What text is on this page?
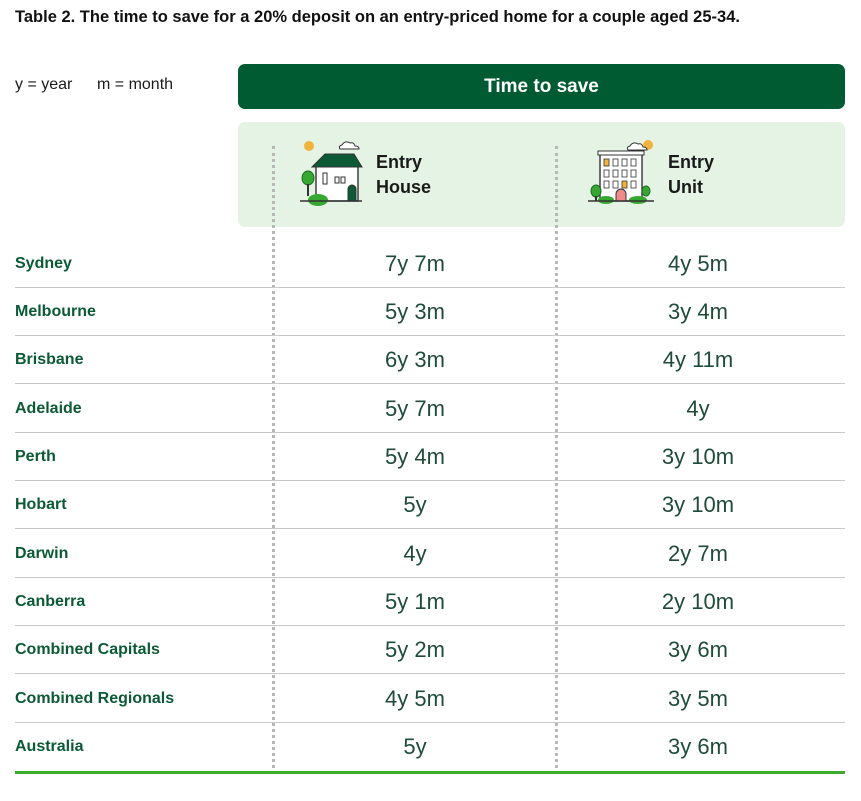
Table 2. The time to save for a 20% deposit on an entry-priced home for a couple aged 25-34.
y = year m = month	Time to save
Entry
House
Entry
Unit
Sydney	7y 7m	4y 5m
Melbourne	5y 3m	3y 4m
Brisbane	6y 3m	4y 11m
Adelaide	5y 7m	4y
Perth	5y 4m	3y 10m
Hobart	5y	3y 10m
Darwin	4y	2y 7m
Canberra	5y 1m	2y 10m
Combined Capitals	5y 2m	3y 6m
Combined Regionals	4y 5m	3y 5m
Australia	5y	3y 6m
